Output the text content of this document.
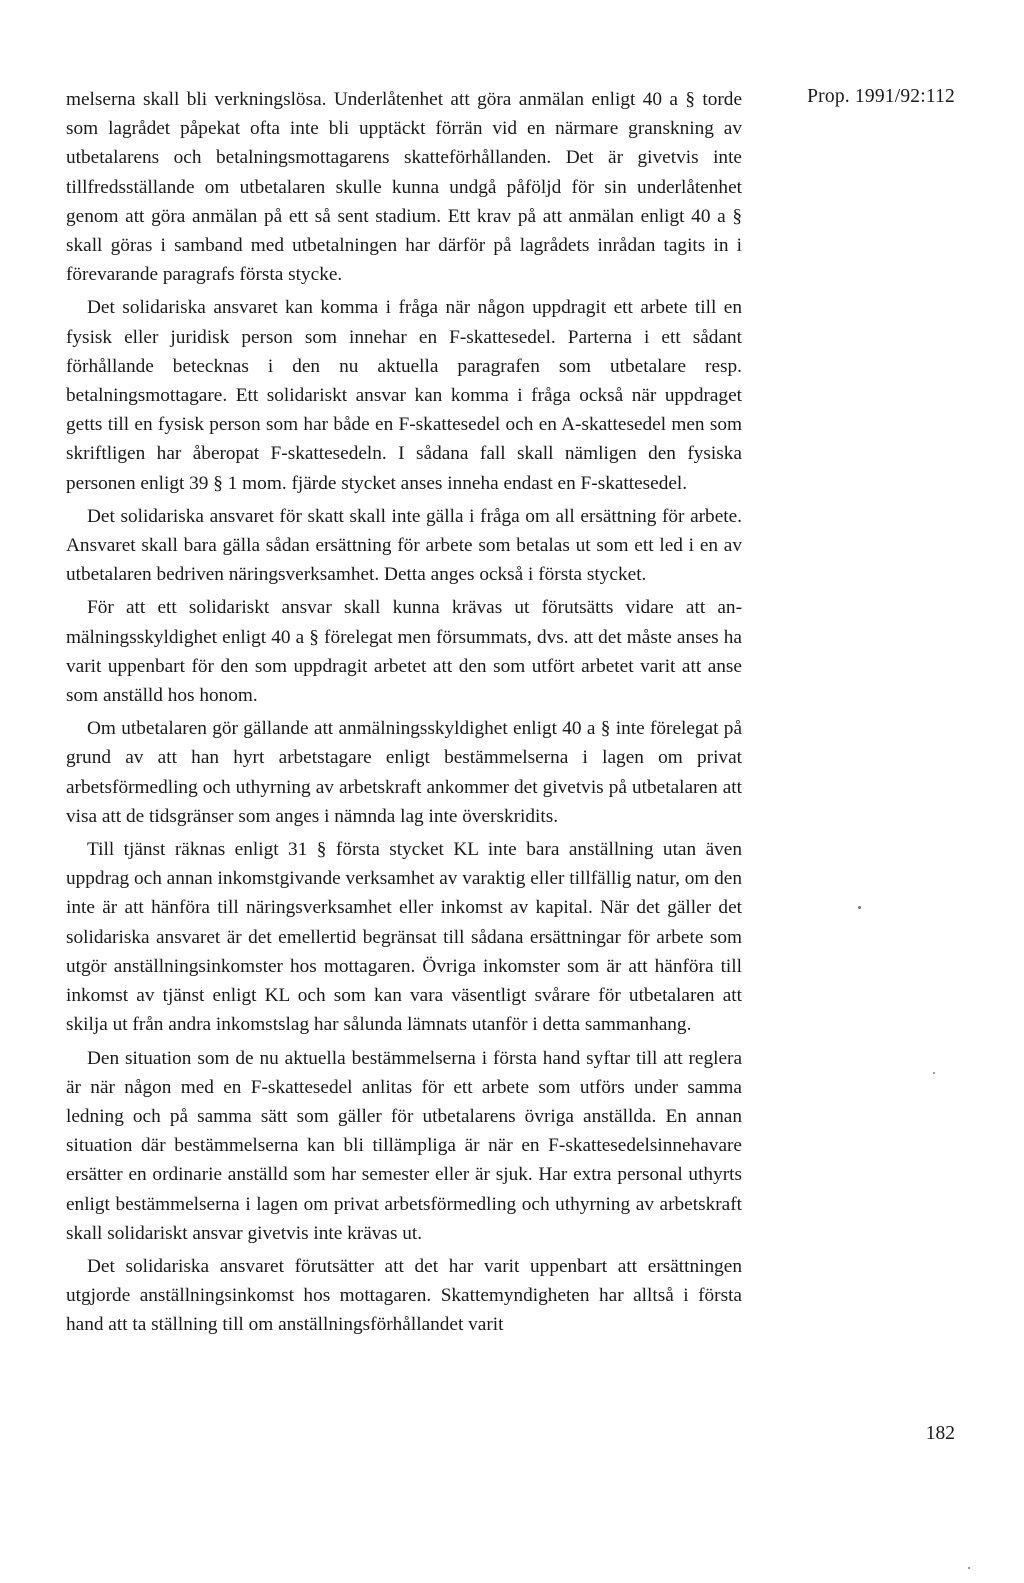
Prop. 1991/92:112

melserna skall bli verkningslösa. Underlåtenhet att göra anmälan enligt 40 a § torde som lagrådet påpekat ofta inte bli upptäckt förrän vid en närmare granskning av utbetalarens och betalningsmottagarens skatteförhållanden. Det är givetvis inte tillfredsställande om utbetalaren skulle kunna undgå påföljd för sin underlåtenhet genom att göra anmälan på ett så sent stadium. Ett krav på att anmälan enligt 40 a § skall göras i samband med utbetalningen har därför på lagrådets inrådan tagits in i förevarande paragrafs första stycke.

Det solidariska ansvaret kan komma i fråga när någon uppdragit ett arbete till en fysisk eller juridisk person som innehar en F-skattesedel. Parterna i ett sådant förhållande betecknas i den nu aktuella paragrafen som utbetalare resp. betalningsmottagare. Ett solidariskt ansvar kan komma i fråga också när uppdraget getts till en fysisk person som har både en F-skattesedel och en A-skattesedel men som skriftligen har åberopat F-skattesedeln. I sådana fall skall nämligen den fysiska personen enligt 39 § 1 mom. fjärde stycket anses inneha endast en F-skattesedel.

Det solidariska ansvaret för skatt skall inte gälla i fråga om all ersättning för arbete. Ansvaret skall bara gälla sådan ersättning för arbete som betalas ut som ett led i en av utbetalaren bedriven näringsverksamhet. Detta anges också i första stycket.

För att ett solidariskt ansvar skall kunna krävas ut förutsätts vidare att anmälningsskyldighet enligt 40 a § förelegat men försummats, dvs. att det måste anses ha varit uppenbart för den som uppdragit arbetet att den som utfört arbetet varit att anse som anställd hos honom.

Om utbetalaren gör gällande att anmälningsskyldighet enligt 40 a § inte förelegat på grund av att han hyrt arbetstagare enligt bestämmelserna i lagen om privat arbetsförmedling och uthyrning av arbetskraft ankommer det givetvis på utbetalaren att visa att de tidsgränser som anges i nämnda lag inte överskridits.

Till tjänst räknas enligt 31 § första stycket KL inte bara anställning utan även uppdrag och annan inkomstgivande verksamhet av varaktig eller tillfällig natur, om den inte är att hänföra till näringsverksamhet eller inkomst av kapital. När det gäller det solidariska ansvaret är det emellertid begränsat till sådana ersättningar för arbete som utgör anställningsinkomster hos mottagaren. Övriga inkomster som är att hänföra till inkomst av tjänst enligt KL och som kan vara väsentligt svårare för utbetalaren att skilja ut från andra inkomstslag har sålunda lämnats utanför i detta sammanhang.

Den situation som de nu aktuella bestämmelserna i första hand syftar till att reglera är när någon med en F-skattesedel anlitas för ett arbete som utförs under samma ledning och på samma sätt som gäller för utbetalarens övriga anställda. En annan situation där bestämmelserna kan bli tillämpliga är när en F-skattesedelsinnehavare ersätter en ordinarie anställd som har semester eller är sjuk. Har extra personal uthyrts enligt bestämmelserna i lagen om privat arbetsförmedling och uthyrning av arbetskraft skall solidariskt ansvar givetvis inte krävas ut.

Det solidariska ansvaret förutsätter att det har varit uppenbart att ersättningen utgjorde anställningsinkomst hos mottagaren. Skattemyndigheten har alltså i första hand att ta ställning till om anställningsförhållandet varit

182
